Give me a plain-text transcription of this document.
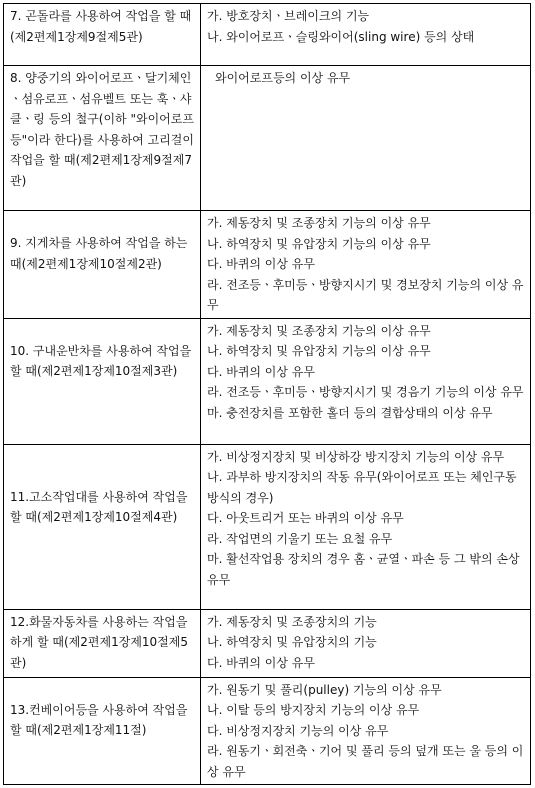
7. 곤돌라를 사용하여 작업을 할 때(제2편제1장제9절제5관)	가. 방호장치ㆍ브레이크의 기능
나. 와이어로프ㆍ슬링와이어(sling wire) 등의 상태

8. 양중기의 와이어로프ㆍ달기체인ㆍ섬유로프ㆍ섬유벨트 또는 훅ㆍ샤클ㆍ링 등의 철구(이하 "와이어로프등"이라 한다)를 사용하여 고리걸이작업을 할 때(제2편제1장제9절제7관)	와이어로프등의 이상 유무

9. 지게차를 사용하여 작업을 하는 때(제2편제1장제10절제2관)	가. 제동장치 및 조종장치 기능의 이상 유무
나. 하역장치 및 유압장치 기능의 이상 유무
다. 바퀴의 이상 유무
라. 전조등ㆍ후미등ㆍ방향지시기 및 경보장치 기능의 이상 유무

10. 구내운반차를 사용하여 작업을 할 때(제2편제1장제10절제3관)	가. 제동장치 및 조종장치 기능의 이상 유무
나. 하역장치 및 유압장치 기능의 이상 유무
다. 바퀴의 이상 유무
라. 전조등ㆍ후미등ㆍ방향지시기 및 경음기 기능의 이상 유무
마. 충전장치를 포함한 홀더 등의 결합상태의 이상 유무

11.고소작업대를 사용하여 작업을 할 때(제2편제1장제10절제4관)	가. 비상정지장치 및 비상하강 방지장치 기능의 이상 유무
나. 과부하 방지장치의 작동 유무(와이어로프 또는 체인구동방식의 경우)
다. 아웃트리거 또는 바퀴의 이상 유무
라. 작업면의 기울기 또는 요철 유무
마. 활선작업용 장치의 경우 홈ㆍ균열ㆍ파손 등 그 밖의 손상 유무

12.화물자동차를 사용하는 작업을 하게 할 때(제2편제1장제10절제5관)	가. 제동장치 및 조종장치의 기능
나. 하역장치 및 유압장치의 기능
다. 바퀴의 이상 유무

13.컨베이어등을 사용하여 작업을 할 때(제2편제1장제11절)	가. 원동기 및 풀리(pulley) 기능의 이상 유무
나. 이탈 등의 방지장치 기능의 이상 유무
다. 비상정지장치 기능의 이상 유무
라. 원동기ㆍ회전축ㆍ기어 및 풀리 등의 덮개 또는 울 등의 이상 유무
